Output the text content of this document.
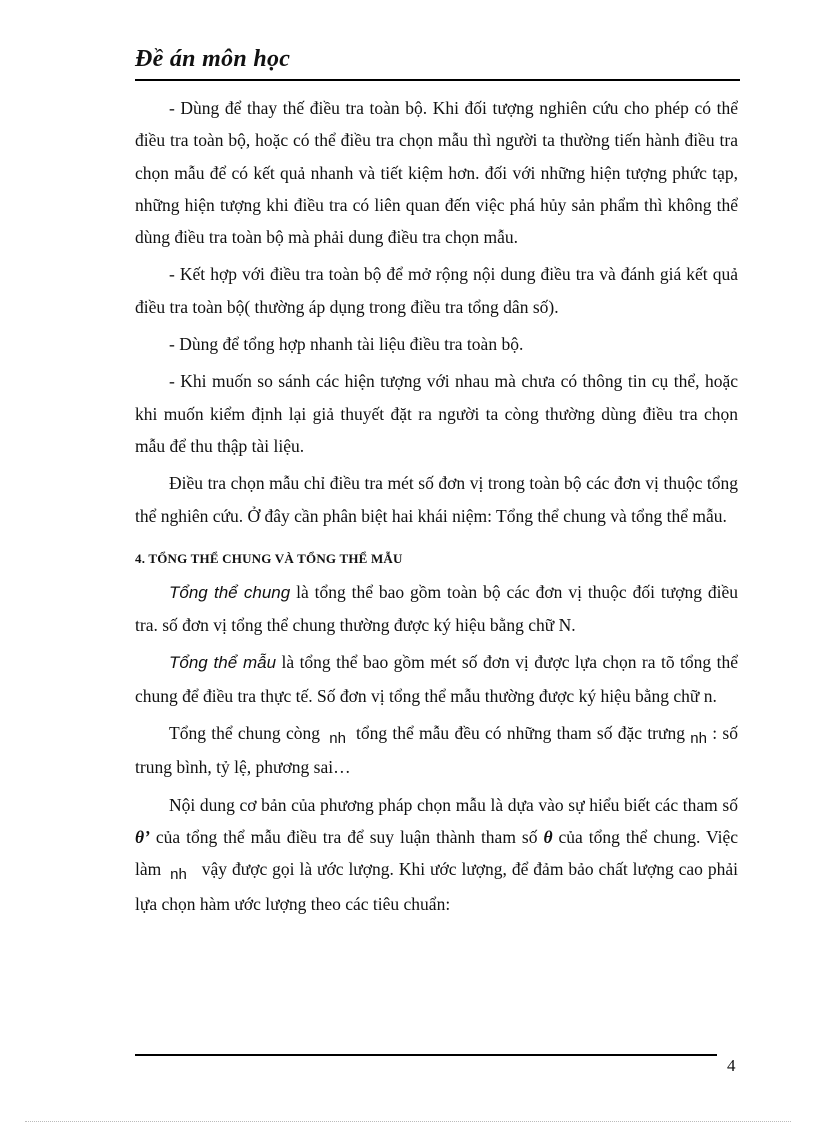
Đề án môn học

- Dùng để thay thế điều tra toàn bộ. Khi đối tượng nghiên cứu cho phép có thể điều tra toàn bộ, hoặc có thể điều tra chọn mẫu thì người ta thường tiến hành điều tra chọn mẫu để có kết quả nhanh và tiết kiệm hơn. đối với những hiện tượng phức tạp, những hiện tượng khi điều tra có liên quan đến việc phá hủy sản phẩm thì không thể dùng điều tra toàn bộ mà phải dung điều tra chọn mẫu.

- Kết hợp với điều tra toàn bộ để mở rộng nội dung điều tra và đánh giá kết quả điều tra toàn bộ( thường áp dụng trong điều tra tổng dân số).

- Dùng để tổng hợp nhanh tài liệu điều tra toàn bộ.

- Khi muốn so sánh các hiện tượng với nhau mà chưa có thông tin cụ thể, hoặc khi muốn kiểm định lại giả thuyết đặt ra người ta còng thường dùng điều tra chọn mẫu để thu thập tài liệu.

Điều tra chọn mẫu chỉ điều tra mét số đơn vị trong toàn bộ các đơn vị thuộc tổng thể nghiên cứu. Ở đây cần phân biệt hai khái niệm: Tổng thể chung và tổng thể mẫu.

4. TỔNG THỂ CHUNG VÀ TỔNG THỂ MẪU

Tổng thể chung là tổng thể bao gồm toàn bộ các đơn vị thuộc đối tượng điều tra. số đơn vị tổng thể chung thường được ký hiệu bằng chữ N.

Tổng thể mẫu là tổng thể bao gồm mét số đơn vị được lựa chọn ra tõ tổng thể chung để điều tra thực tế. Số đơn vị tổng thể mẫu thường được ký hiệu bằng chữ n.

Tổng thể chung còng nh tổng thể mẫu đều có những tham số đặc trưng nh : số trung bình, tỷ lệ, phương sai…

Nội dung cơ bản của phương pháp chọn mẫu là dựa vào sự hiểu biết các tham số θ’ của tổng thể mẫu điều tra để suy luận thành tham số θ của tổng thể chung. Việc làm nh vậy được gọi là ước lượng. Khi ước lượng, để đảm bảo chất lượng cao phải lựa chọn hàm ước lượng theo các tiêu chuẩn:

4
